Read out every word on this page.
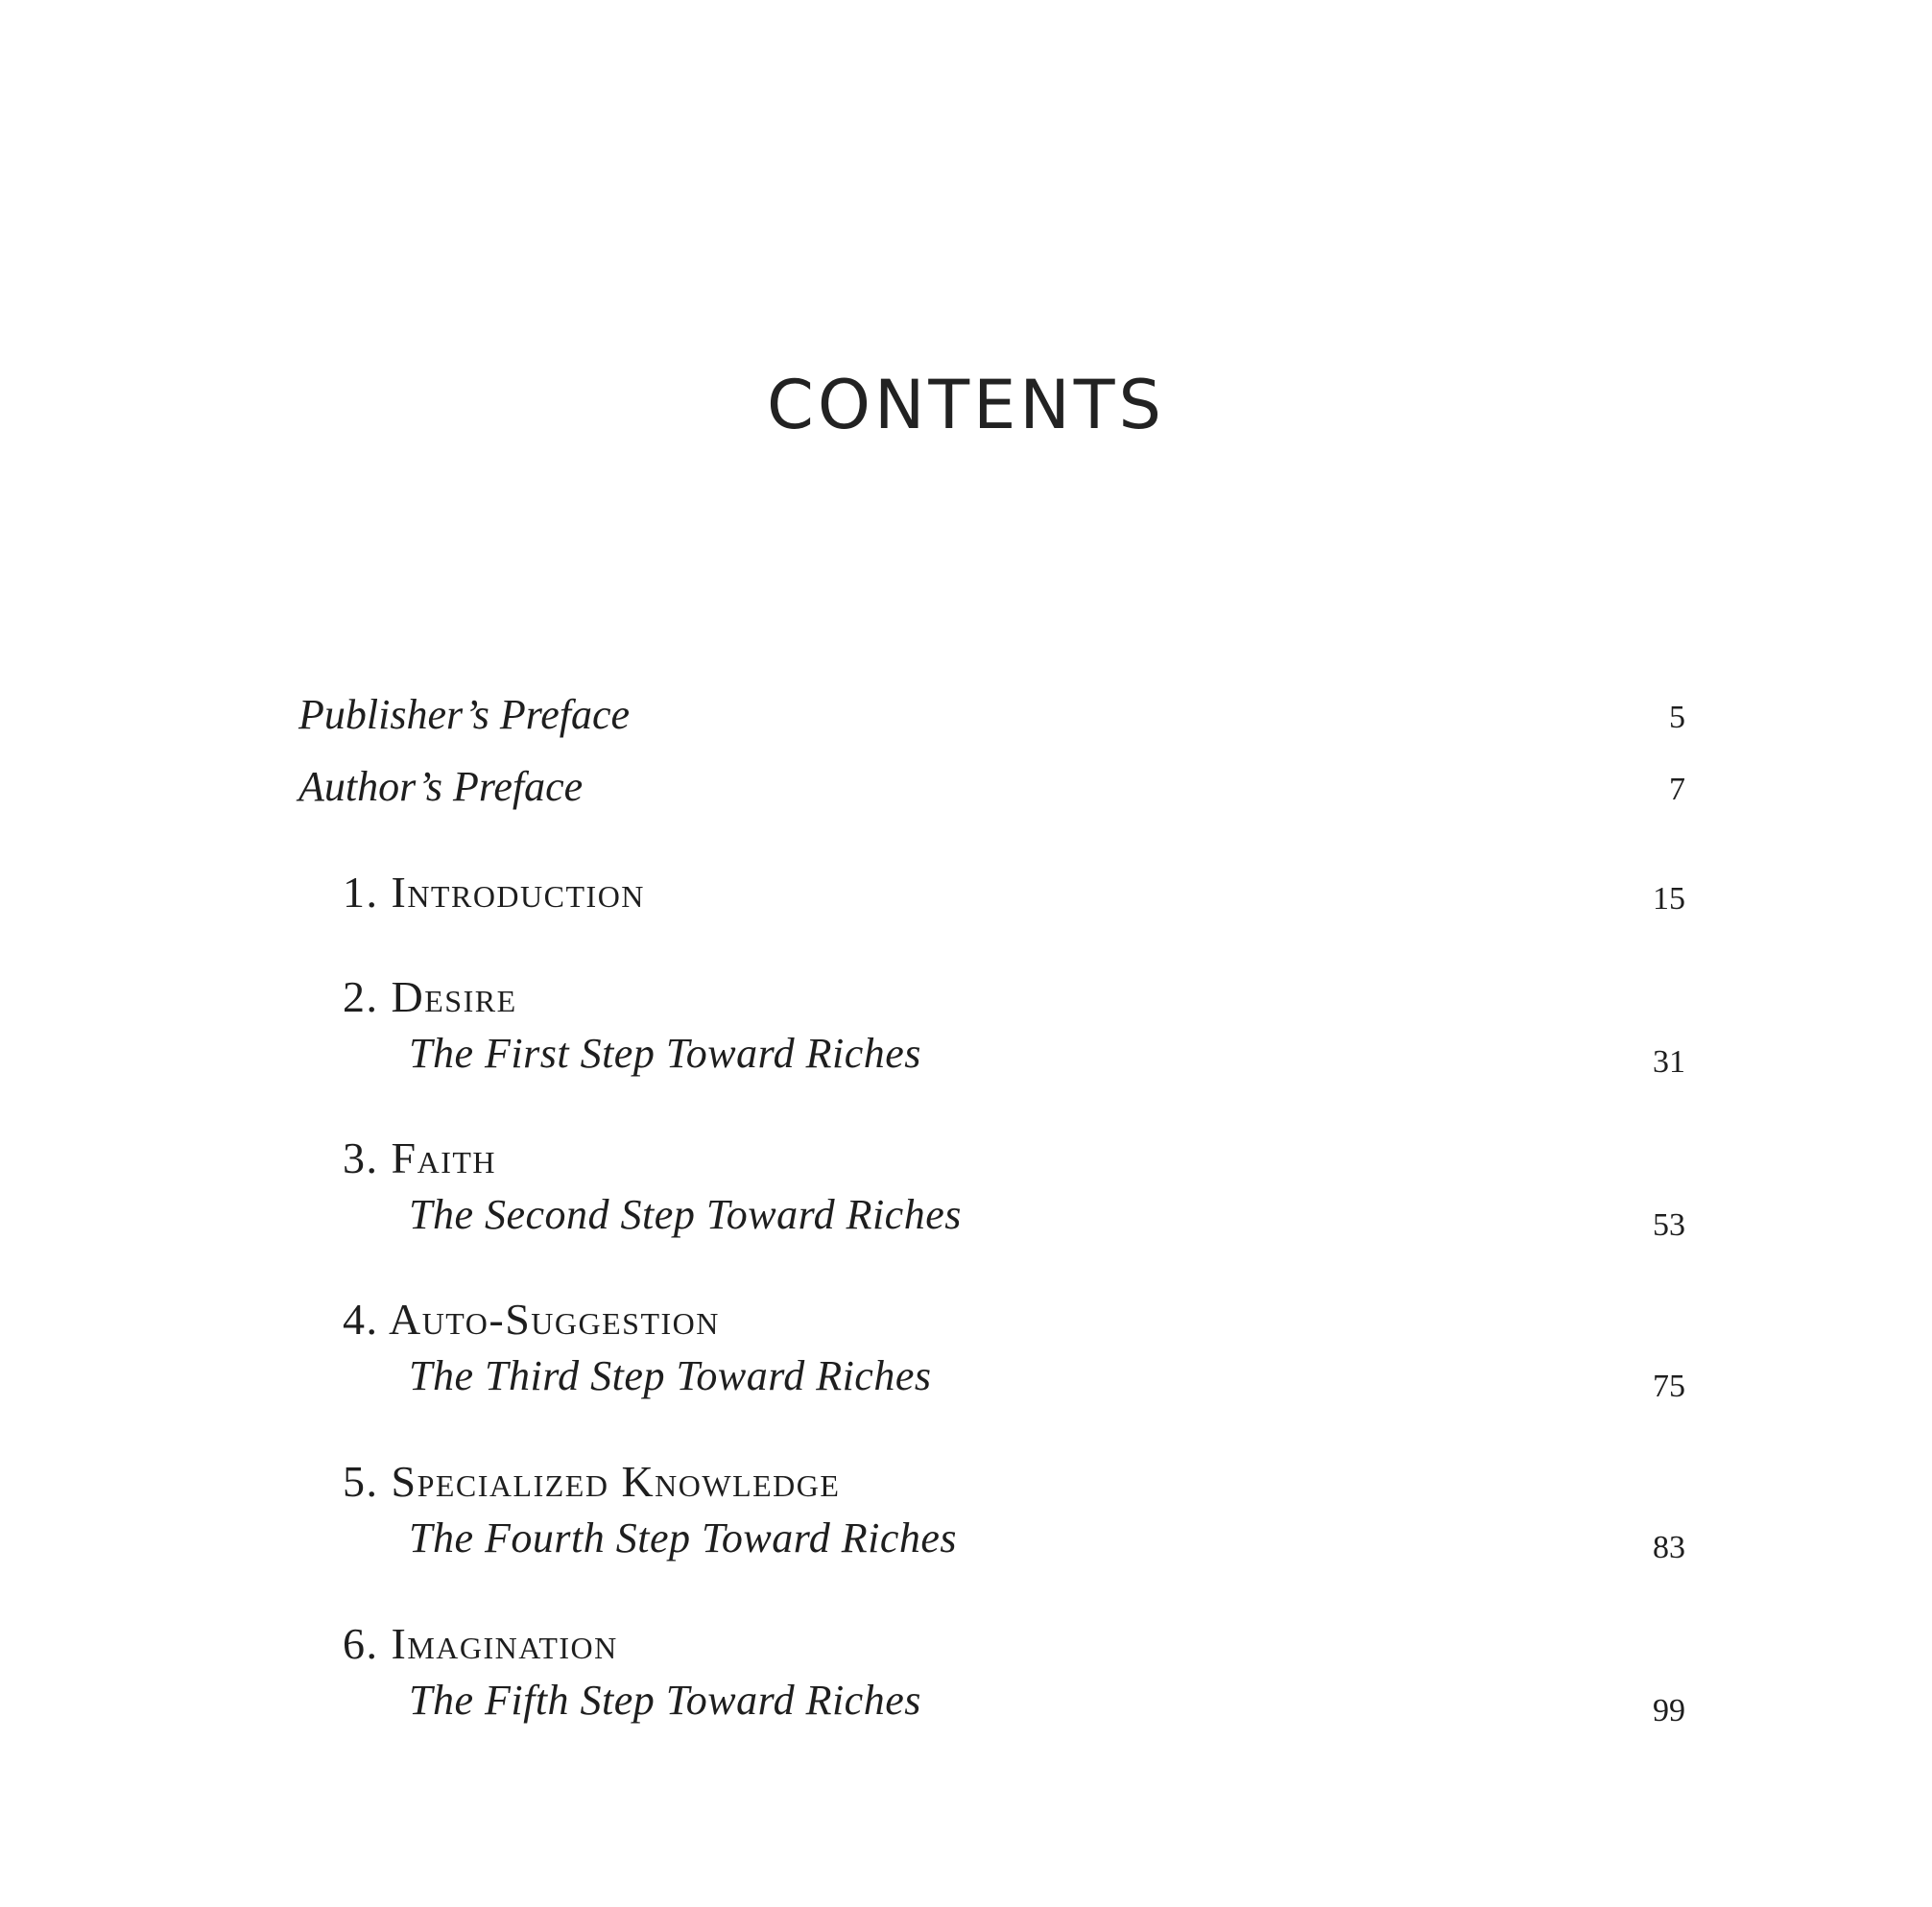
CONTENTS
Publisher’s Preface	5
Author’s Preface	7
1. Introduction	15
2. Desire
The First Step Toward Riches	31
3. Faith
The Second Step Toward Riches	53
4. Auto-Suggestion
The Third Step Toward Riches	75
5. Specialized Knowledge
The Fourth Step Toward Riches	83
6. Imagination
The Fifth Step Toward Riches	99
